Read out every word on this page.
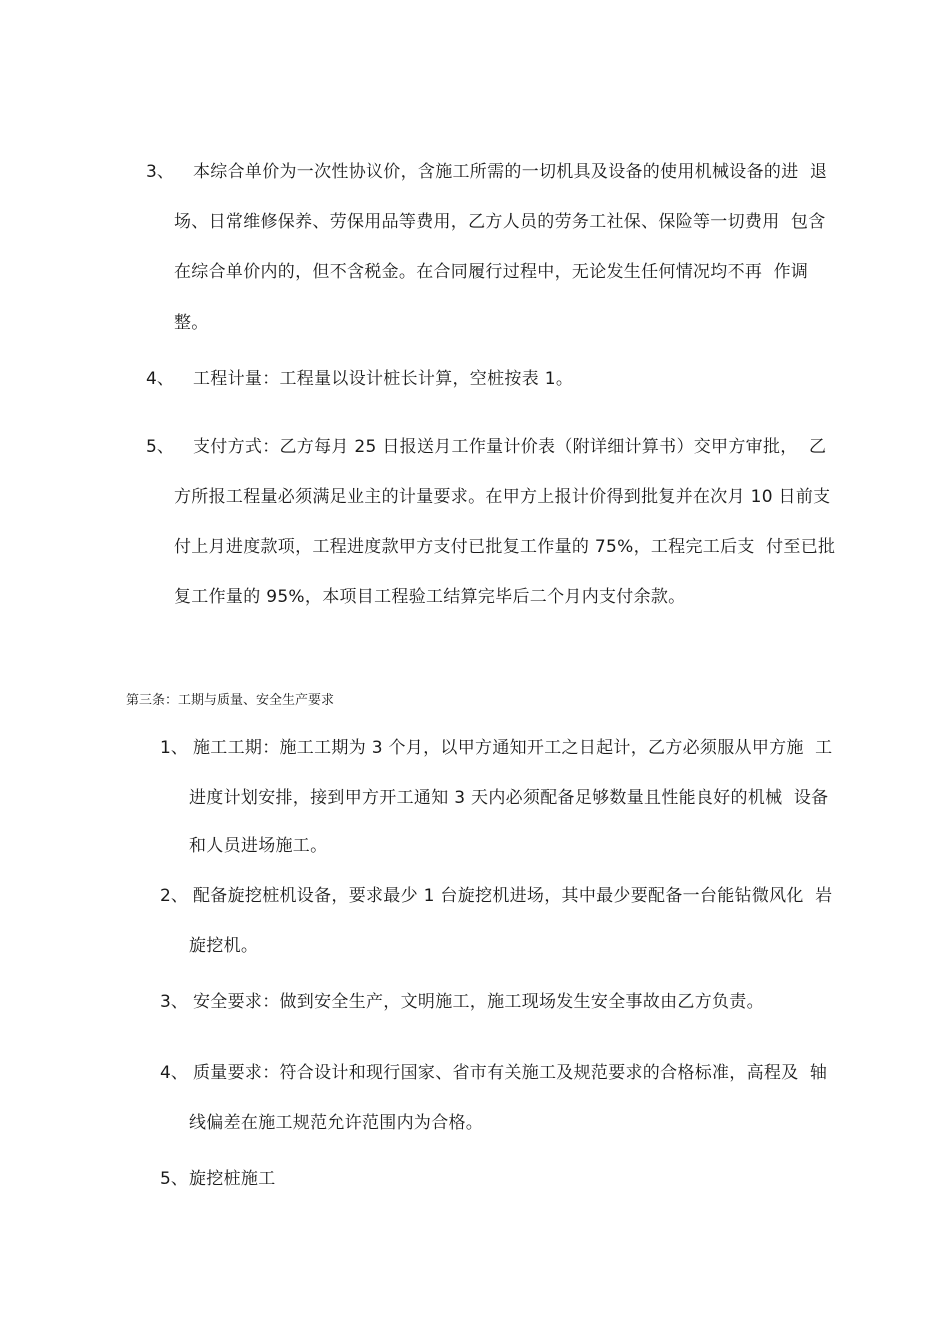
3、 本综合单价为一次性协议价，含施工所需的一切机具及设备的使用机械设备的进  退
场、日常维修保养、劳保用品等费用，乙方人员的劳务工社保、保险等一切费用  包含
在综合单价内的，但不含税金。在合同履行过程中，无论发生任何情况均不再  作调
整。
4、 工程计量：工程量以设计桩长计算，空桩按表 1。
5、 支付方式：乙方每月 25 日报送月工作量计价表（附详细计算书）交甲方审批，  乙
方所报工程量必须满足业主的计量要求。在甲方上报计价得到批复并在次月 10 日前支
付上月进度款项，工程进度款甲方支付已批复工作量的 75%，工程完工后支  付至已批
复工作量的 95%，本项目工程验工结算完毕后二个月内支付余款。
第三条：工期与质量、安全生产要求
1、 施工工期：施工工期为 3 个月，以甲方通知开工之日起计，乙方必须服从甲方施  工
进度计划安排，接到甲方开工通知 3 天内必须配备足够数量且性能良好的机械  设备
和人员进场施工。
2、 配备旋挖桩机设备，要求最少 1 台旋挖机进场，其中最少要配备一台能钻微风化  岩
旋挖机。
3、 安全要求：做到安全生产，文明施工，施工现场发生安全事故由乙方负责。
4、 质量要求：符合设计和现行国家、省市有关施工及规范要求的合格标准，高程及  轴
线偏差在施工规范允许范围内为合格。
5、 旋挖桩施工
